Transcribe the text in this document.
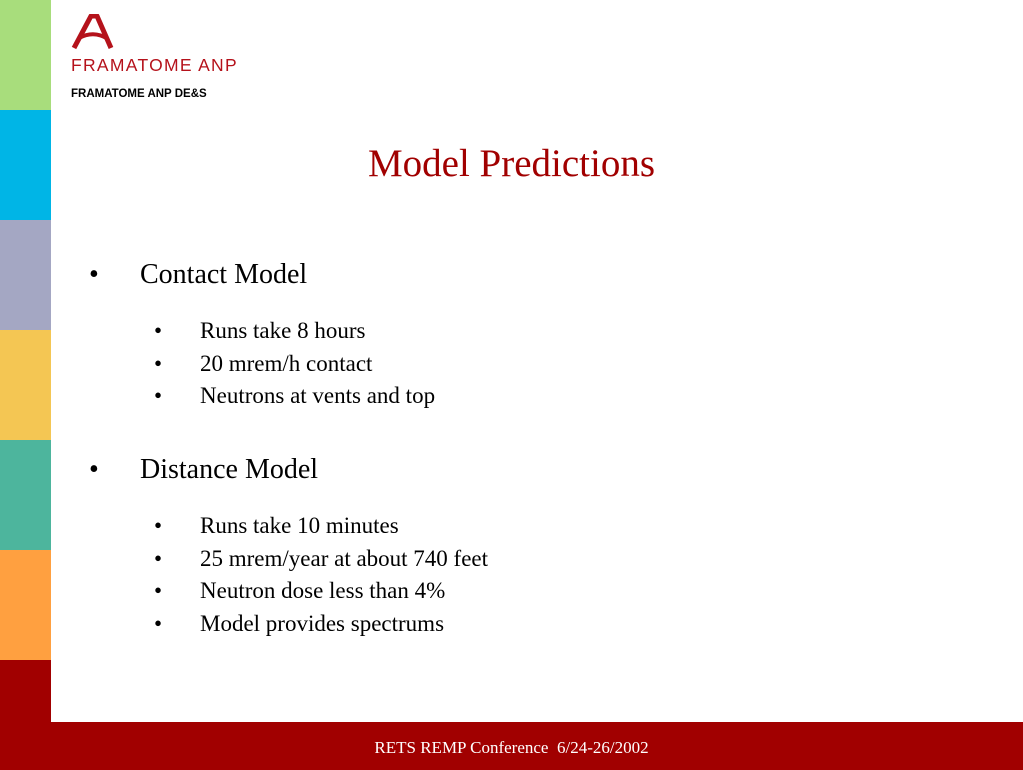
FRAMATOME ANP
FRAMATOME ANP DE&S
Model Predictions
• Contact Model
• Runs take 8 hours
• 20 mrem/h contact
• Neutrons at vents and top
• Distance Model
• Runs take 10 minutes
• 25 mrem/year at about 740 feet
• Neutron dose less than 4%
• Model provides spectrums
RETS REMP Conference  6/24-26/2002
